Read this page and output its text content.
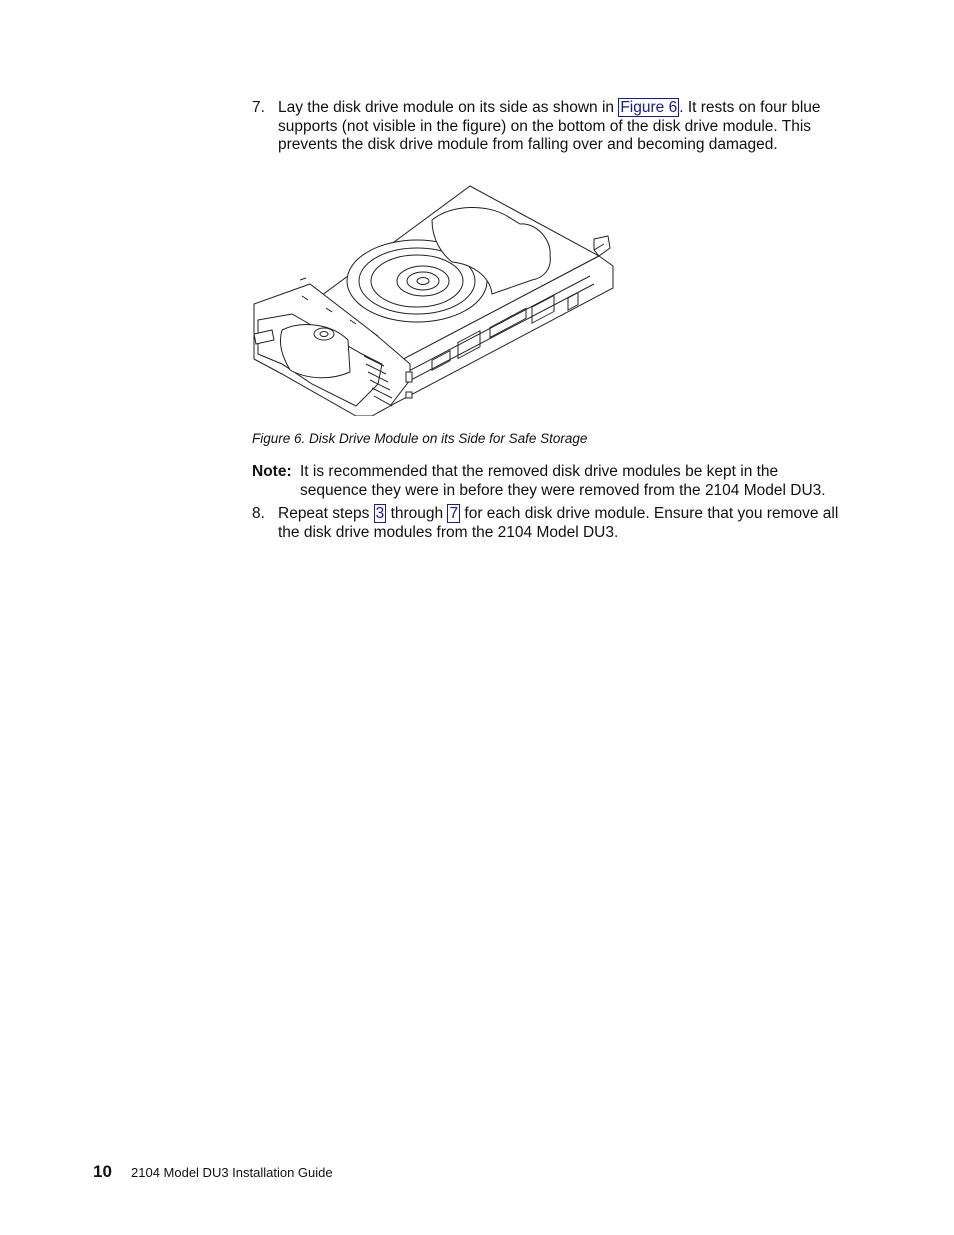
7. Lay the disk drive module on its side as shown in Figure 6 . It rests on four blue supports (not visible in the figure) on the bottom of the disk drive module. This prevents the disk drive module from falling over and becoming damaged.
Figure 6. Disk Drive Module on its Side for Safe Storage
Note: It is recommended that the removed disk drive modules be kept in the sequence they were in before they were removed from the 2104 Model DU3.
8. Repeat steps 3 through 7 for each disk drive module. Ensure that you remove all the disk drive modules from the 2104 Model DU3.
10 2104 Model DU3 Installation Guide
